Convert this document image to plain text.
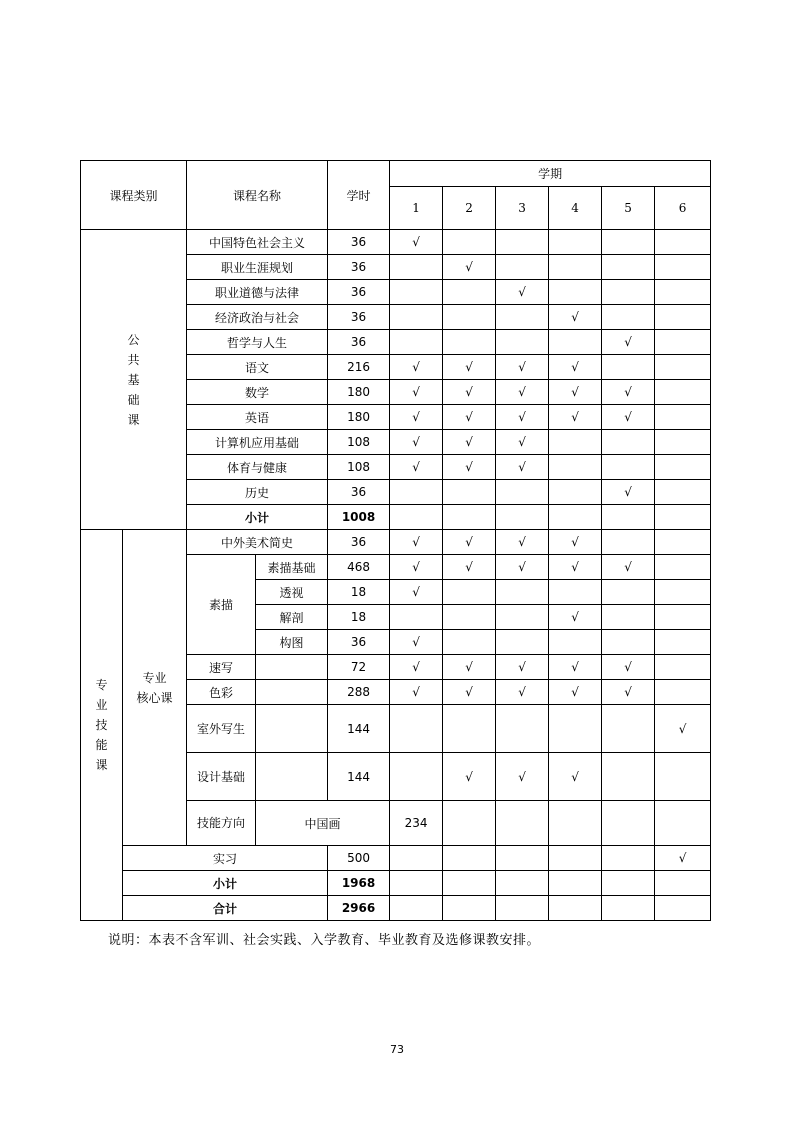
课程类别		课程名称		学时	学期						
					1	2	3	4	5	6	

公
共
基
础
课		中国特色社会主义		36	√						
		职业生涯规划		36		√					
		职业道德与法律		36			√				
		经济政治与社会		36				√			
		哲学与人生		36					√		
		语文		216	√	√	√	√			
		数学		180	√	√	√	√	√		
		英语		180	√	√	√	√	√		
		计算机应用基础		108	√	√	√				
		体育与健康		108	√	√	√				
		历史		36					√		
		小计		1008							

专
业
技
能
课	专业
核心课	中外美术简史		36	√	√	√	√			
		素描	素描基础	468	√	√	√	√	√		
			透视	18	√						
			解剖	18				√			
			构图	36	√						
		速写		72	√	√	√	√	√		
		色彩		288	√	√	√	√	√		
		室外写生		144						√	
		设计基础		144		√	√	√			
		技能方向	中国画		234						
	实习			500						√	
	小计			1968							
	合计			2966							
说明：本表不含军训、社会实践、入学教育、毕业教育及选修课教安排。
73
